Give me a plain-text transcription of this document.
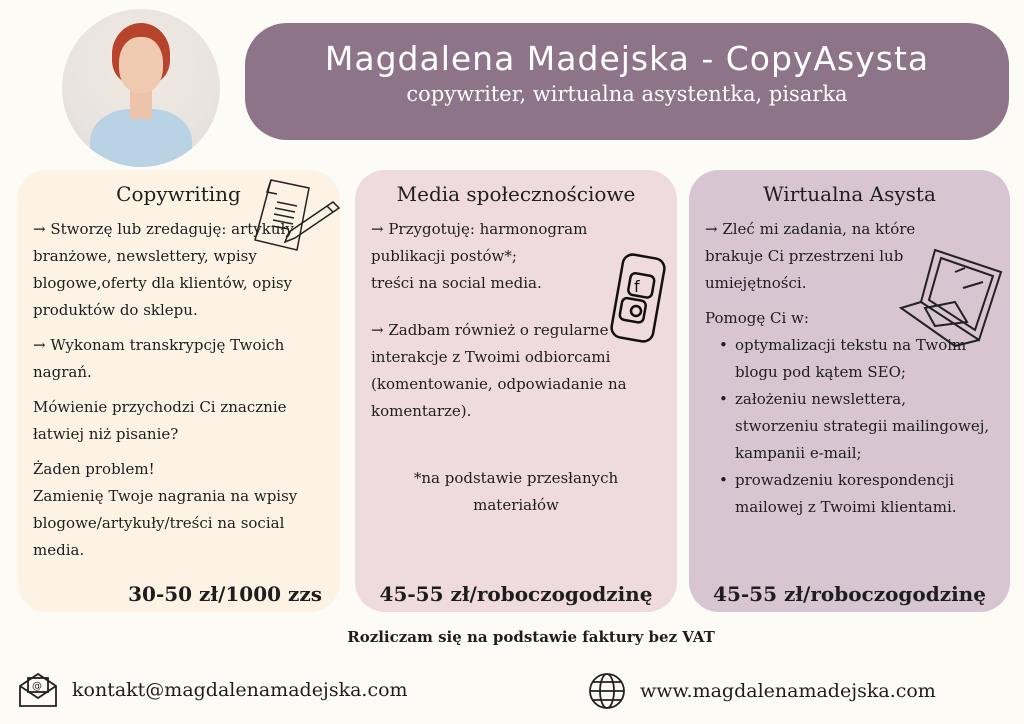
Magdalena Madejska - CopyAsysta

copywriter, wirtualna asystentka, pisarka

Copywriting

→ Stworzę lub zredaguję: artykuły branżowe, newslettery, wpisy blogowe,oferty dla klientów, opisy produktów do sklepu.

→ Wykonam transkrypcję Twoich nagrań.

Mówienie przychodzi Ci znacznie łatwiej niż pisanie?

Żaden problem!

Zamienię Twoje nagrania na wpisy blogowe/artykuły/treści na social media.

30-50 zł/1000 zzs
Media społecznościowe
f

→ Przygotuję: harmonogram publikacji postów*;

treści na social media.

→ Zadbam również o regularne interakcje z Twoimi odbiorcami (komentowanie, odpowiadanie na komentarze).

*na podstawie przesłanych materiałów

45-55 zł/roboczogodzinę
Wirtualna Asysta

→ Zleć mi zadania, na które brakuje Ci przestrzeni lub umiejętności.

Pomogę Ci w:

• optymalizacji tekstu na Twoim blogu pod kątem SEO;
• założeniu newslettera, stworzeniu strategii mailingowej, kampanii e-mail;
• prowadzeniu korespondencji mailowej z Twoimi klientami.
45-55 zł/roboczogodzinę
Rozliczam się na podstawie faktury bez VAT
@ kontakt@magdalenamadejska.com	www.magdalenamadejska.com
